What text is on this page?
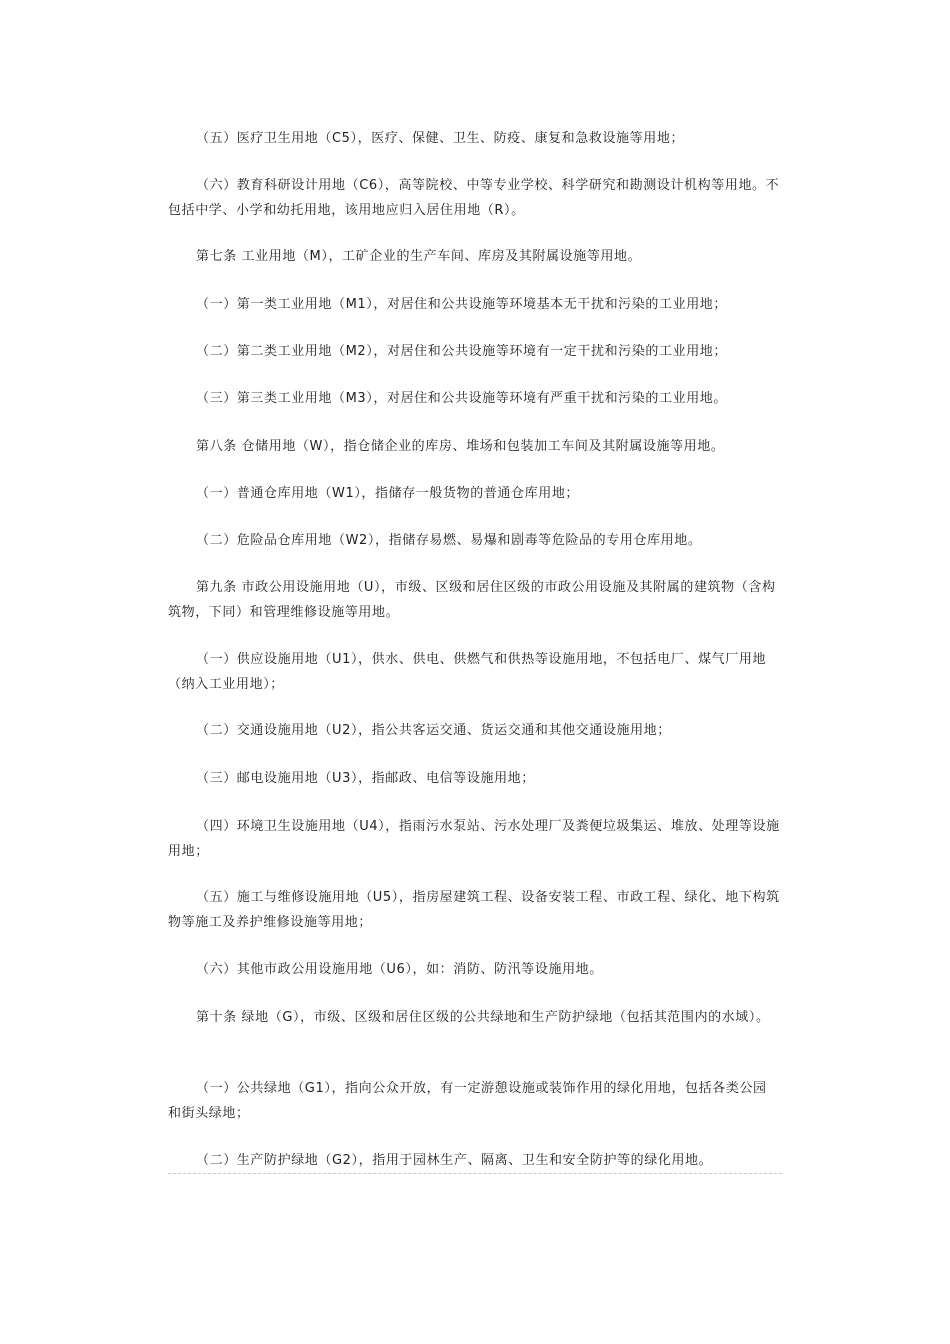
（五）医疗卫生用地（C5），医疗、保健、卫生、防疫、康复和急救设施等用地；

（六）教育科研设计用地（C6），高等院校、中等专业学校、科学研究和勘测设计机构等用地。不包括中学、小学和幼托用地，该用地应归入居住用地（R）。

第七条 工业用地（M），工矿企业的生产车间、库房及其附属设施等用地。

（一）第一类工业用地（M1），对居住和公共设施等环境基本无干扰和污染的工业用地；

（二）第二类工业用地（M2），对居住和公共设施等环境有一定干扰和污染的工业用地；

（三）第三类工业用地（M3），对居住和公共设施等环境有严重干扰和污染的工业用地。

第八条 仓储用地（W），指仓储企业的库房、堆场和包装加工车间及其附属设施等用地。

（一）普通仓库用地（W1），指储存一般货物的普通仓库用地；

（二）危险品仓库用地（W2），指储存易燃、易爆和剧毒等危险品的专用仓库用地。

第九条 市政公用设施用地（U），市级、区级和居住区级的市政公用设施及其附属的建筑物（含构筑物，下同）和管理维修设施等用地。

（一）供应设施用地（U1），供水、供电、供燃气和供热等设施用地，不包括电厂、煤气厂用地（纳入工业用地）；

（二）交通设施用地（U2），指公共客运交通、货运交通和其他交通设施用地；

（三）邮电设施用地（U3），指邮政、电信等设施用地；

（四）环境卫生设施用地（U4），指雨污水泵站、污水处理厂及粪便垃圾集运、堆放、处理等设施用地；

（五）施工与维修设施用地（U5），指房屋建筑工程、设备安装工程、市政工程、绿化、地下构筑物等施工及养护维修设施等用地；

（六）其他市政公用设施用地（U6），如：消防、防汛等设施用地。

第十条 绿地（G），市级、区级和居住区级的公共绿地和生产防护绿地（包括其范围内的水域）。

（一）公共绿地（G1），指向公众开放，有一定游憩设施或装饰作用的绿化用地，包括各类公园和街头绿地；

（二）生产防护绿地（G2），指用于园林生产、隔离、卫生和安全防护等的绿化用地。
